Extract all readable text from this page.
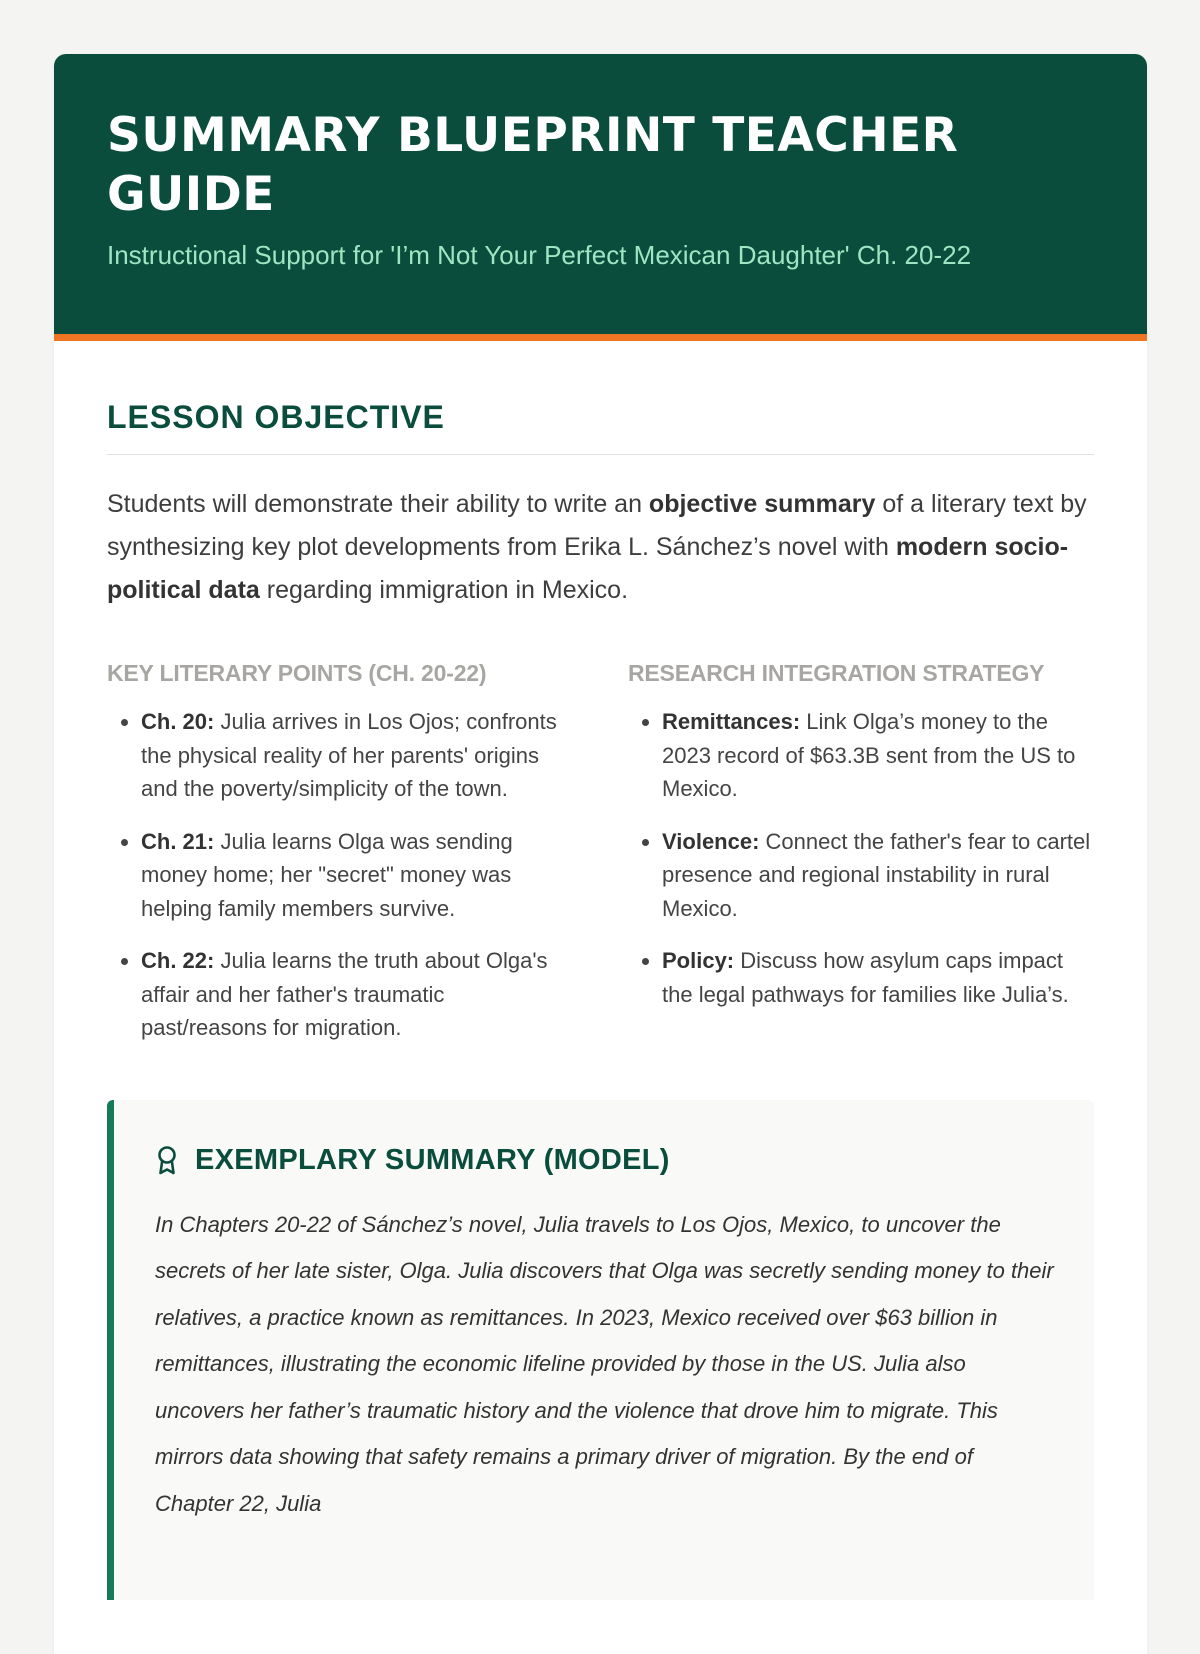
SUMMARY BLUEPRINT TEACHER GUIDE

Instructional Support for 'I’m Not Your Perfect Mexican Daughter' Ch. 20-22

LESSON OBJECTIVE

Students will demonstrate their ability to write an objective summary of a literary text by synthesizing key plot developments from Erika L. Sánchez’s novel with modern socio-political data regarding immigration in Mexico.

KEY LITERARY POINTS (CH. 20-22)
• Ch. 20: Julia arrives in Los Ojos; confronts the physical reality of her parents' origins and the poverty/simplicity of the town.
• Ch. 21: Julia learns Olga was sending money home; her "secret" money was helping family members survive.
• Ch. 22: Julia learns the truth about Olga's affair and her father's traumatic past/reasons for migration.
RESEARCH INTEGRATION STRATEGY
• Remittances: Link Olga’s money to the 2023 record of $63.3B sent from the US to Mexico.
• Violence: Connect the father's fear to cartel presence and regional instability in rural Mexico.
• Policy: Discuss how asylum caps impact the legal pathways for families like Julia’s.
EXEMPLARY SUMMARY (MODEL)

In Chapters 20-22 of Sánchez’s novel, Julia travels to Los Ojos, Mexico, to uncover the secrets of her late sister, Olga. Julia discovers that Olga was secretly sending money to their relatives, a practice known as remittances. In 2023, Mexico received over $63 billion in remittances, illustrating the economic lifeline provided by those in the US. Julia also uncovers her father’s traumatic history and the violence that drove him to migrate. This mirrors data showing that safety remains a primary driver of migration. By the end of Chapter 22, Julia
